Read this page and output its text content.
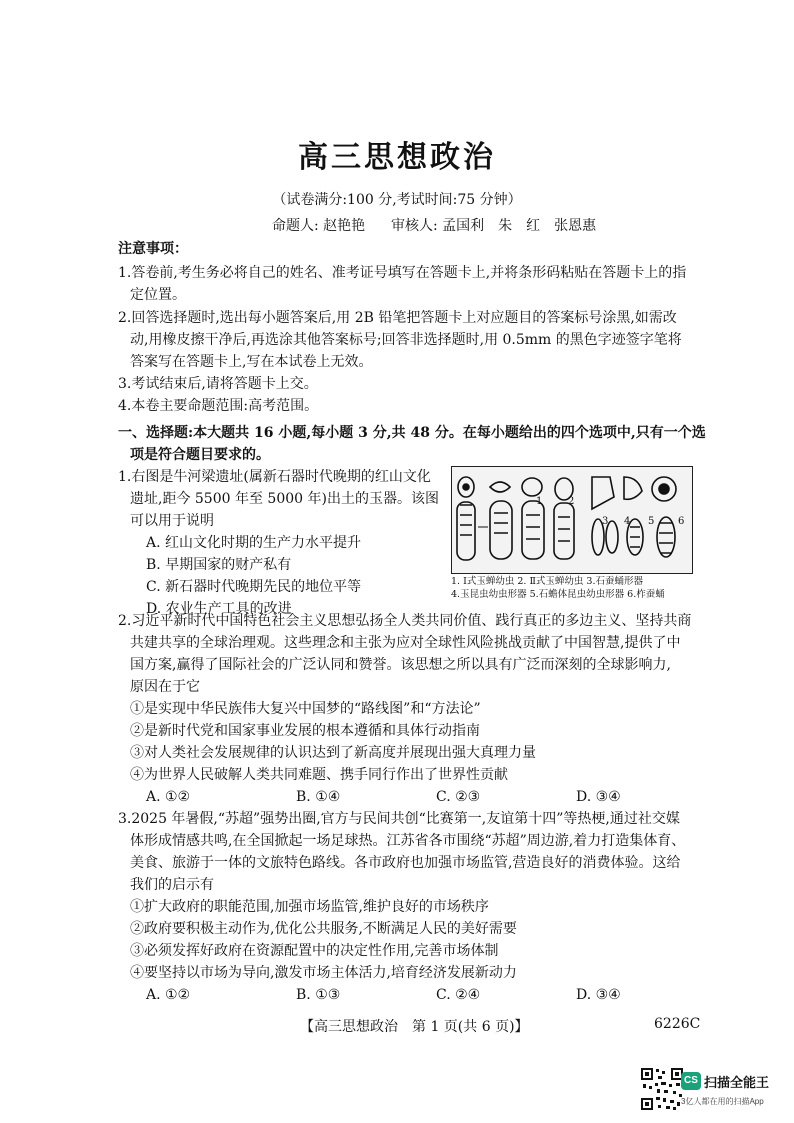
高三思想政治
（试卷满分:100 分,考试时间:75 分钟）
命题人: 赵艳艳 审核人: 孟国利　朱　红　张恩惠
注意事项：
1.答卷前,考生务必将自己的姓名、准考证号填写在答题卡上,并将条形码粘贴在答题卡上的指
定位置。
2.回答选择题时,选出每小题答案后,用 2B 铅笔把答题卡上对应题目的答案标号涂黑,如需改
动,用橡皮擦干净后,再选涂其他答案标号;回答非选择题时,用 0.5mm 的黑色字迹签字笔将
答案写在答题卡上,写在本试卷上无效。
3.考试结束后,请将答题卡上交。
4.本卷主要命题范围:高考范围。
一、选择题:本大题共 16 小题,每小题 3 分,共 48 分。在每小题给出的四个选项中,只有一个选
项是符合题目要求的。
1.右图是牛河梁遗址(属新石器时代晚期的红山文化
遗址,距今 5500 年至 5000 年)出土的玉器。该图
可以用于说明
A. 红山文化时期的生产力水平提升
B. 早期国家的财产私有
C. 新石器时代晚期先民的地位平等
D. 农业生产工具的改进
1	2
3 4 5 6
1. Ⅰ式玉蝉幼虫 2. Ⅱ式玉蝉幼虫 3.石蚕蛹形器
4.玉昆虫幼虫形器 5.石蟾体昆虫幼虫形器 6.柞蚕蛹
2.习近平新时代中国特色社会主义思想弘扬全人类共同价值、践行真正的多边主义、坚持共商
共建共享的全球治理观。这些理念和主张为应对全球性风险挑战贡献了中国智慧,提供了中
国方案,赢得了国际社会的广泛认同和赞誉。该思想之所以具有广泛而深刻的全球影响力,
原因在于它
①是实现中华民族伟大复兴中国梦的“路线图”和“方法论”
②是新时代党和国家事业发展的根本遵循和具体行动指南
③对人类社会发展规律的认识达到了新高度并展现出强大真理力量
④为世界人民破解人类共同难题、携手同行作出了世界性贡献
A. ①②	B. ①④	C. ②③	D. ③④
3.2025 年暑假,“苏超”强势出圈,官方与民间共创“比赛第一,友谊第十四”等热梗,通过社交媒
体形成情感共鸣,在全国掀起一场足球热。江苏省各市围绕“苏超”周边游,着力打造集体育、
美食、旅游于一体的文旅特色路线。各市政府也加强市场监管,营造良好的消费体验。这给
我们的启示有
①扩大政府的职能范围,加强市场监管,维护良好的市场秩序
②政府要积极主动作为,优化公共服务,不断满足人民的美好需要
③必须发挥好政府在资源配置中的决定性作用,完善市场体制
④要坚持以市场为导向,激发市场主体活力,培育经济发展新动力
A. ①②	B. ①③	C. ②④	D. ③④
【高三思想政治　第 1 页(共 6 页)】	6226C
CS 扫描全能王
3亿人都在用的扫描App
